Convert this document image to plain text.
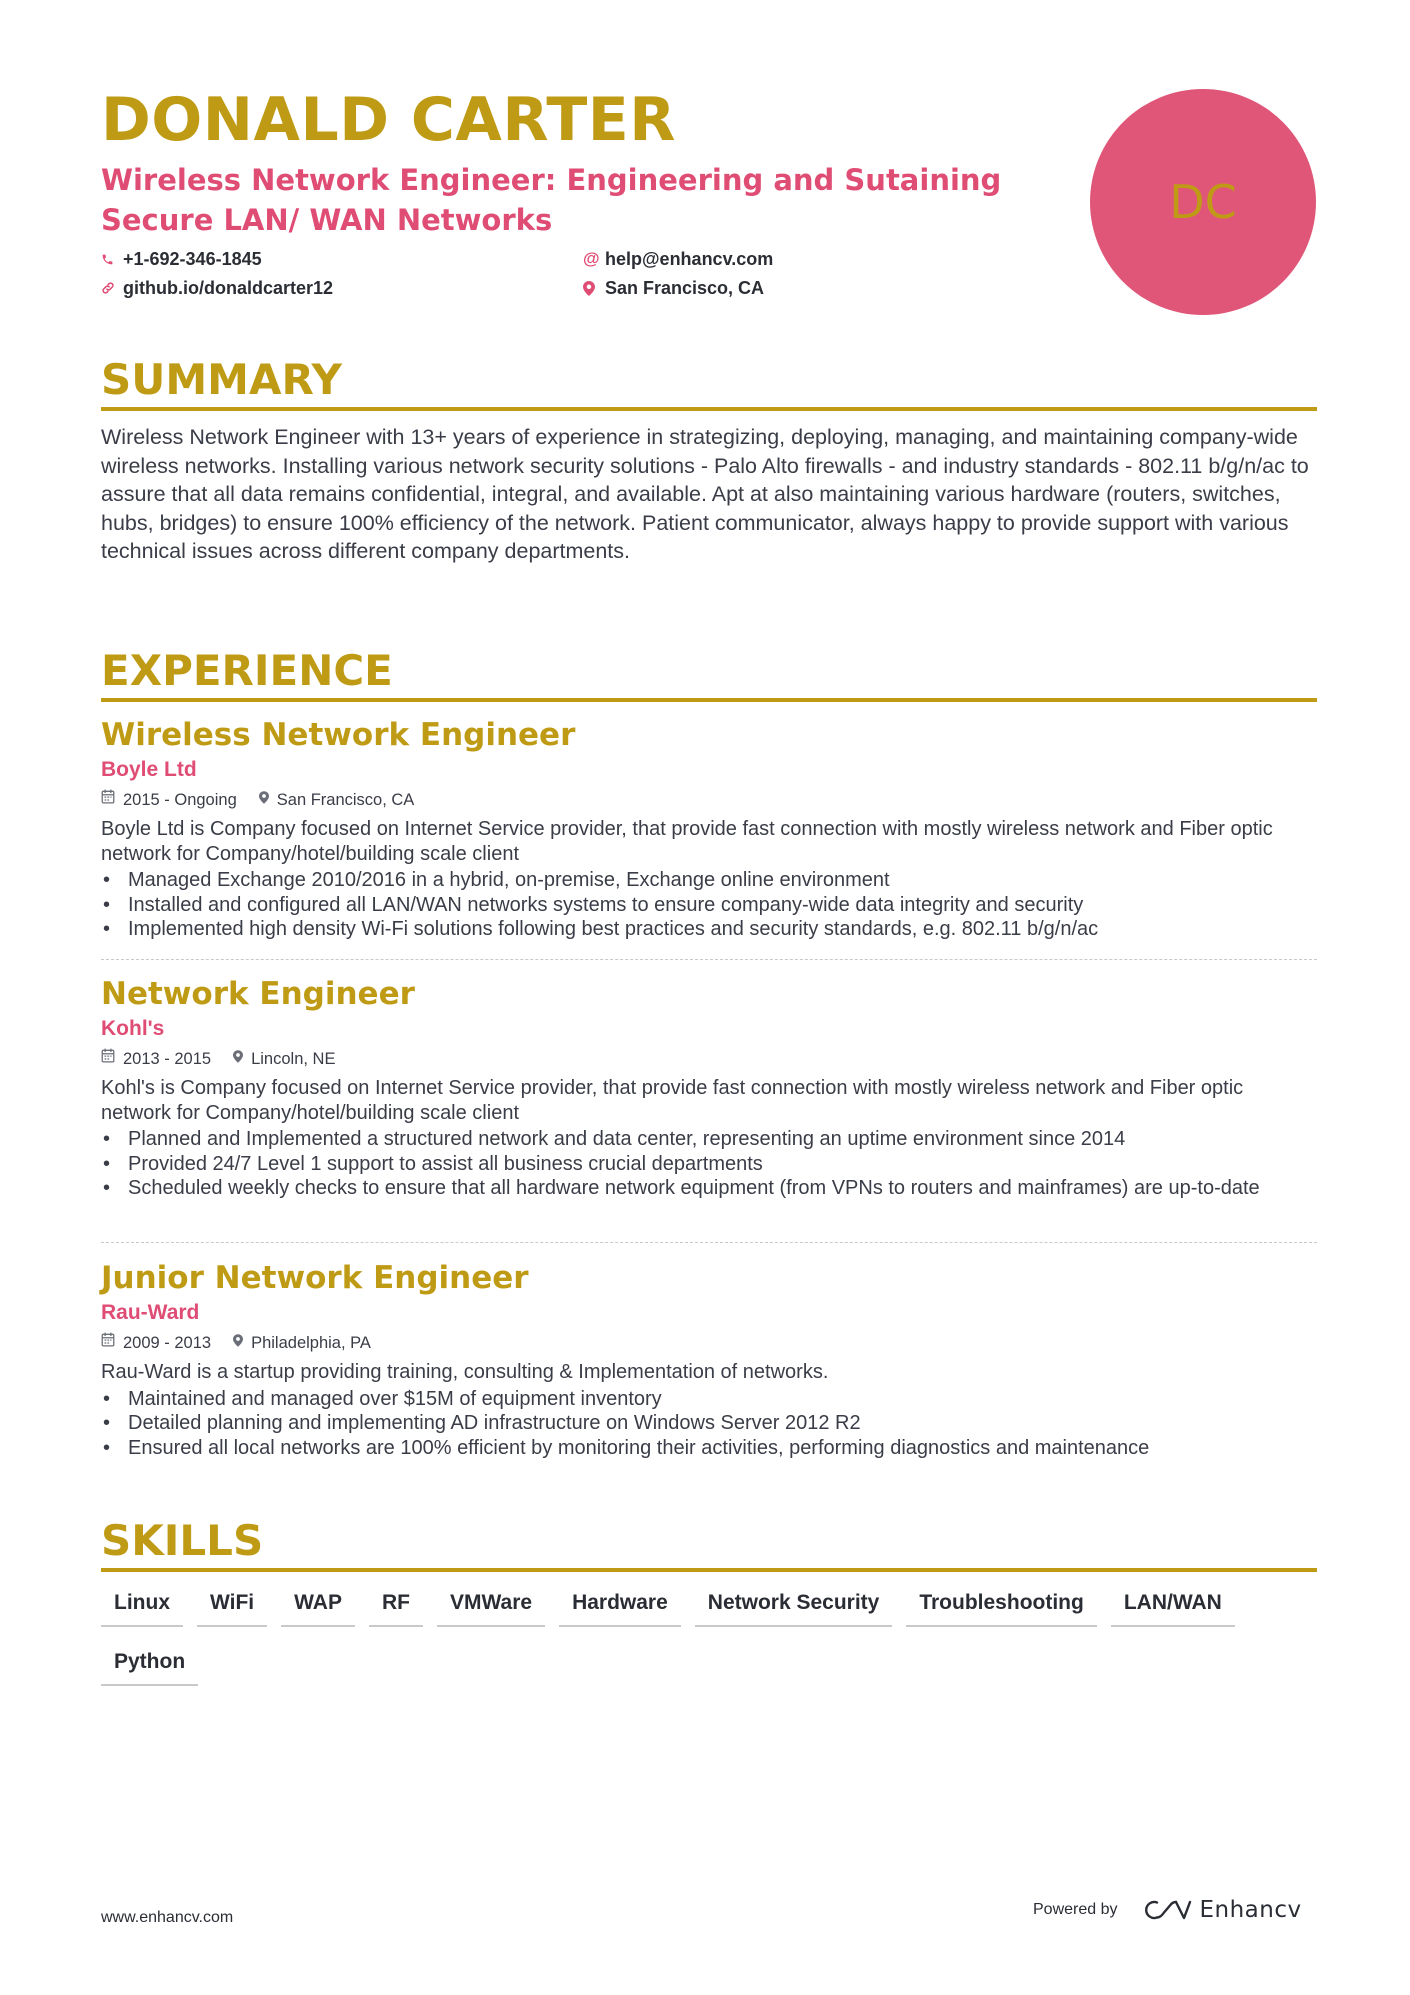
DONALD CARTER
Wireless Network Engineer: Engineering and Sutaining Secure LAN/ WAN Networks
+1-692-346-1845	@ help@enhancv.com
github.io/donaldcarter12	San Francisco, CA
DC
SUMMARY

Wireless Network Engineer with 13+ years of experience in strategizing, deploying, managing, and maintaining company-wide wireless networks. Installing various network security solutions - Palo Alto firewalls - and industry standards - 802.11 b/g/n/ac to assure that all data remains confidential, integral, and available. Apt at also maintaining various hardware (routers, switches, hubs, bridges) to ensure 100% efficiency of the network. Patient communicator, always happy to provide support with various technical issues across different company departments.

EXPERIENCE
Wireless Network Engineer
Boyle Ltd
2015 - Ongoing San Francisco, CA

Boyle Ltd is Company focused on Internet Service provider, that provide fast connection with mostly wireless network and Fiber optic network for Company/hotel/building scale client

• Managed Exchange 2010/2016 in a hybrid, on-premise, Exchange online environment
• Installed and configured all LAN/WAN networks systems to ensure company-wide data integrity and security
• Implemented high density Wi-Fi solutions following best practices and security standards, e.g. 802.11 b/g/n/ac
Network Engineer
Kohl's
2013 - 2015 Lincoln, NE

Kohl's is Company focused on Internet Service provider, that provide fast connection with mostly wireless network and Fiber optic network for Company/hotel/building scale client

• Planned and Implemented a structured network and data center, representing an uptime environment since 2014
• Provided 24/7 Level 1 support to assist all business crucial departments
• Scheduled weekly checks to ensure that all hardware network equipment (from VPNs to routers and mainframes) are up-to-date
Junior Network Engineer
Rau-Ward
2009 - 2013 Philadelphia, PA

Rau-Ward is a startup providing training, consulting & Implementation of networks.

• Maintained and managed over $15M of equipment inventory
• Detailed planning and implementing AD infrastructure on Windows Server 2012 R2
• Ensured all local networks are 100% efficient by monitoring their activities, performing diagnostics and maintenance
SKILLS
Linux	WiFi	WAP	RF	VMWare	Hardware	Network Security	Troubleshooting	LAN/WAN
Python
www.enhancv.com	Powered by	Enhancv
